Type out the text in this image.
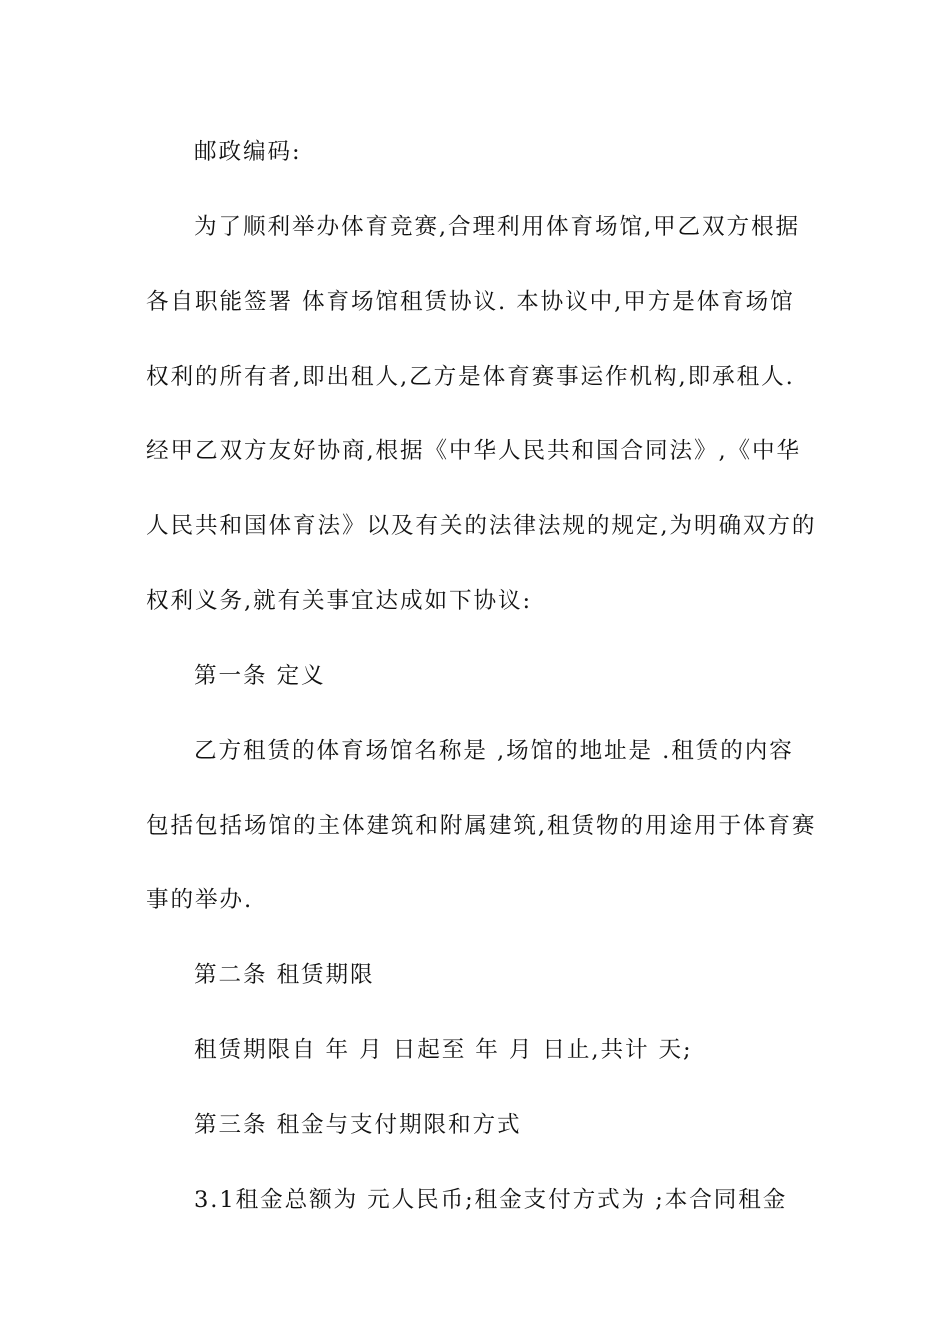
邮政编码:
为了顺利举办体育竞赛,合理利用体育场馆,甲乙双方根据
各自职能签署 体育场馆租赁协议. 本协议中,甲方是体育场馆
权利的所有者,即出租人,乙方是体育赛事运作机构,即承租人.
经甲乙双方友好协商,根据《中华人民共和国合同法》,《中华
人民共和国体育法》以及有关的法律法规的规定,为明确双方的
权利义务,就有关事宜达成如下协议:
第一条 定义
乙方租赁的体育场馆名称是 ,场馆的地址是 .租赁的内容
包括包括场馆的主体建筑和附属建筑,租赁物的用途用于体育赛
事的举办.
第二条 租赁期限
租赁期限自 年 月 日起至 年 月 日止,共计 天;
第三条 租金与支付期限和方式
3.1租金总额为 元人民币;租金支付方式为 ;本合同租金
